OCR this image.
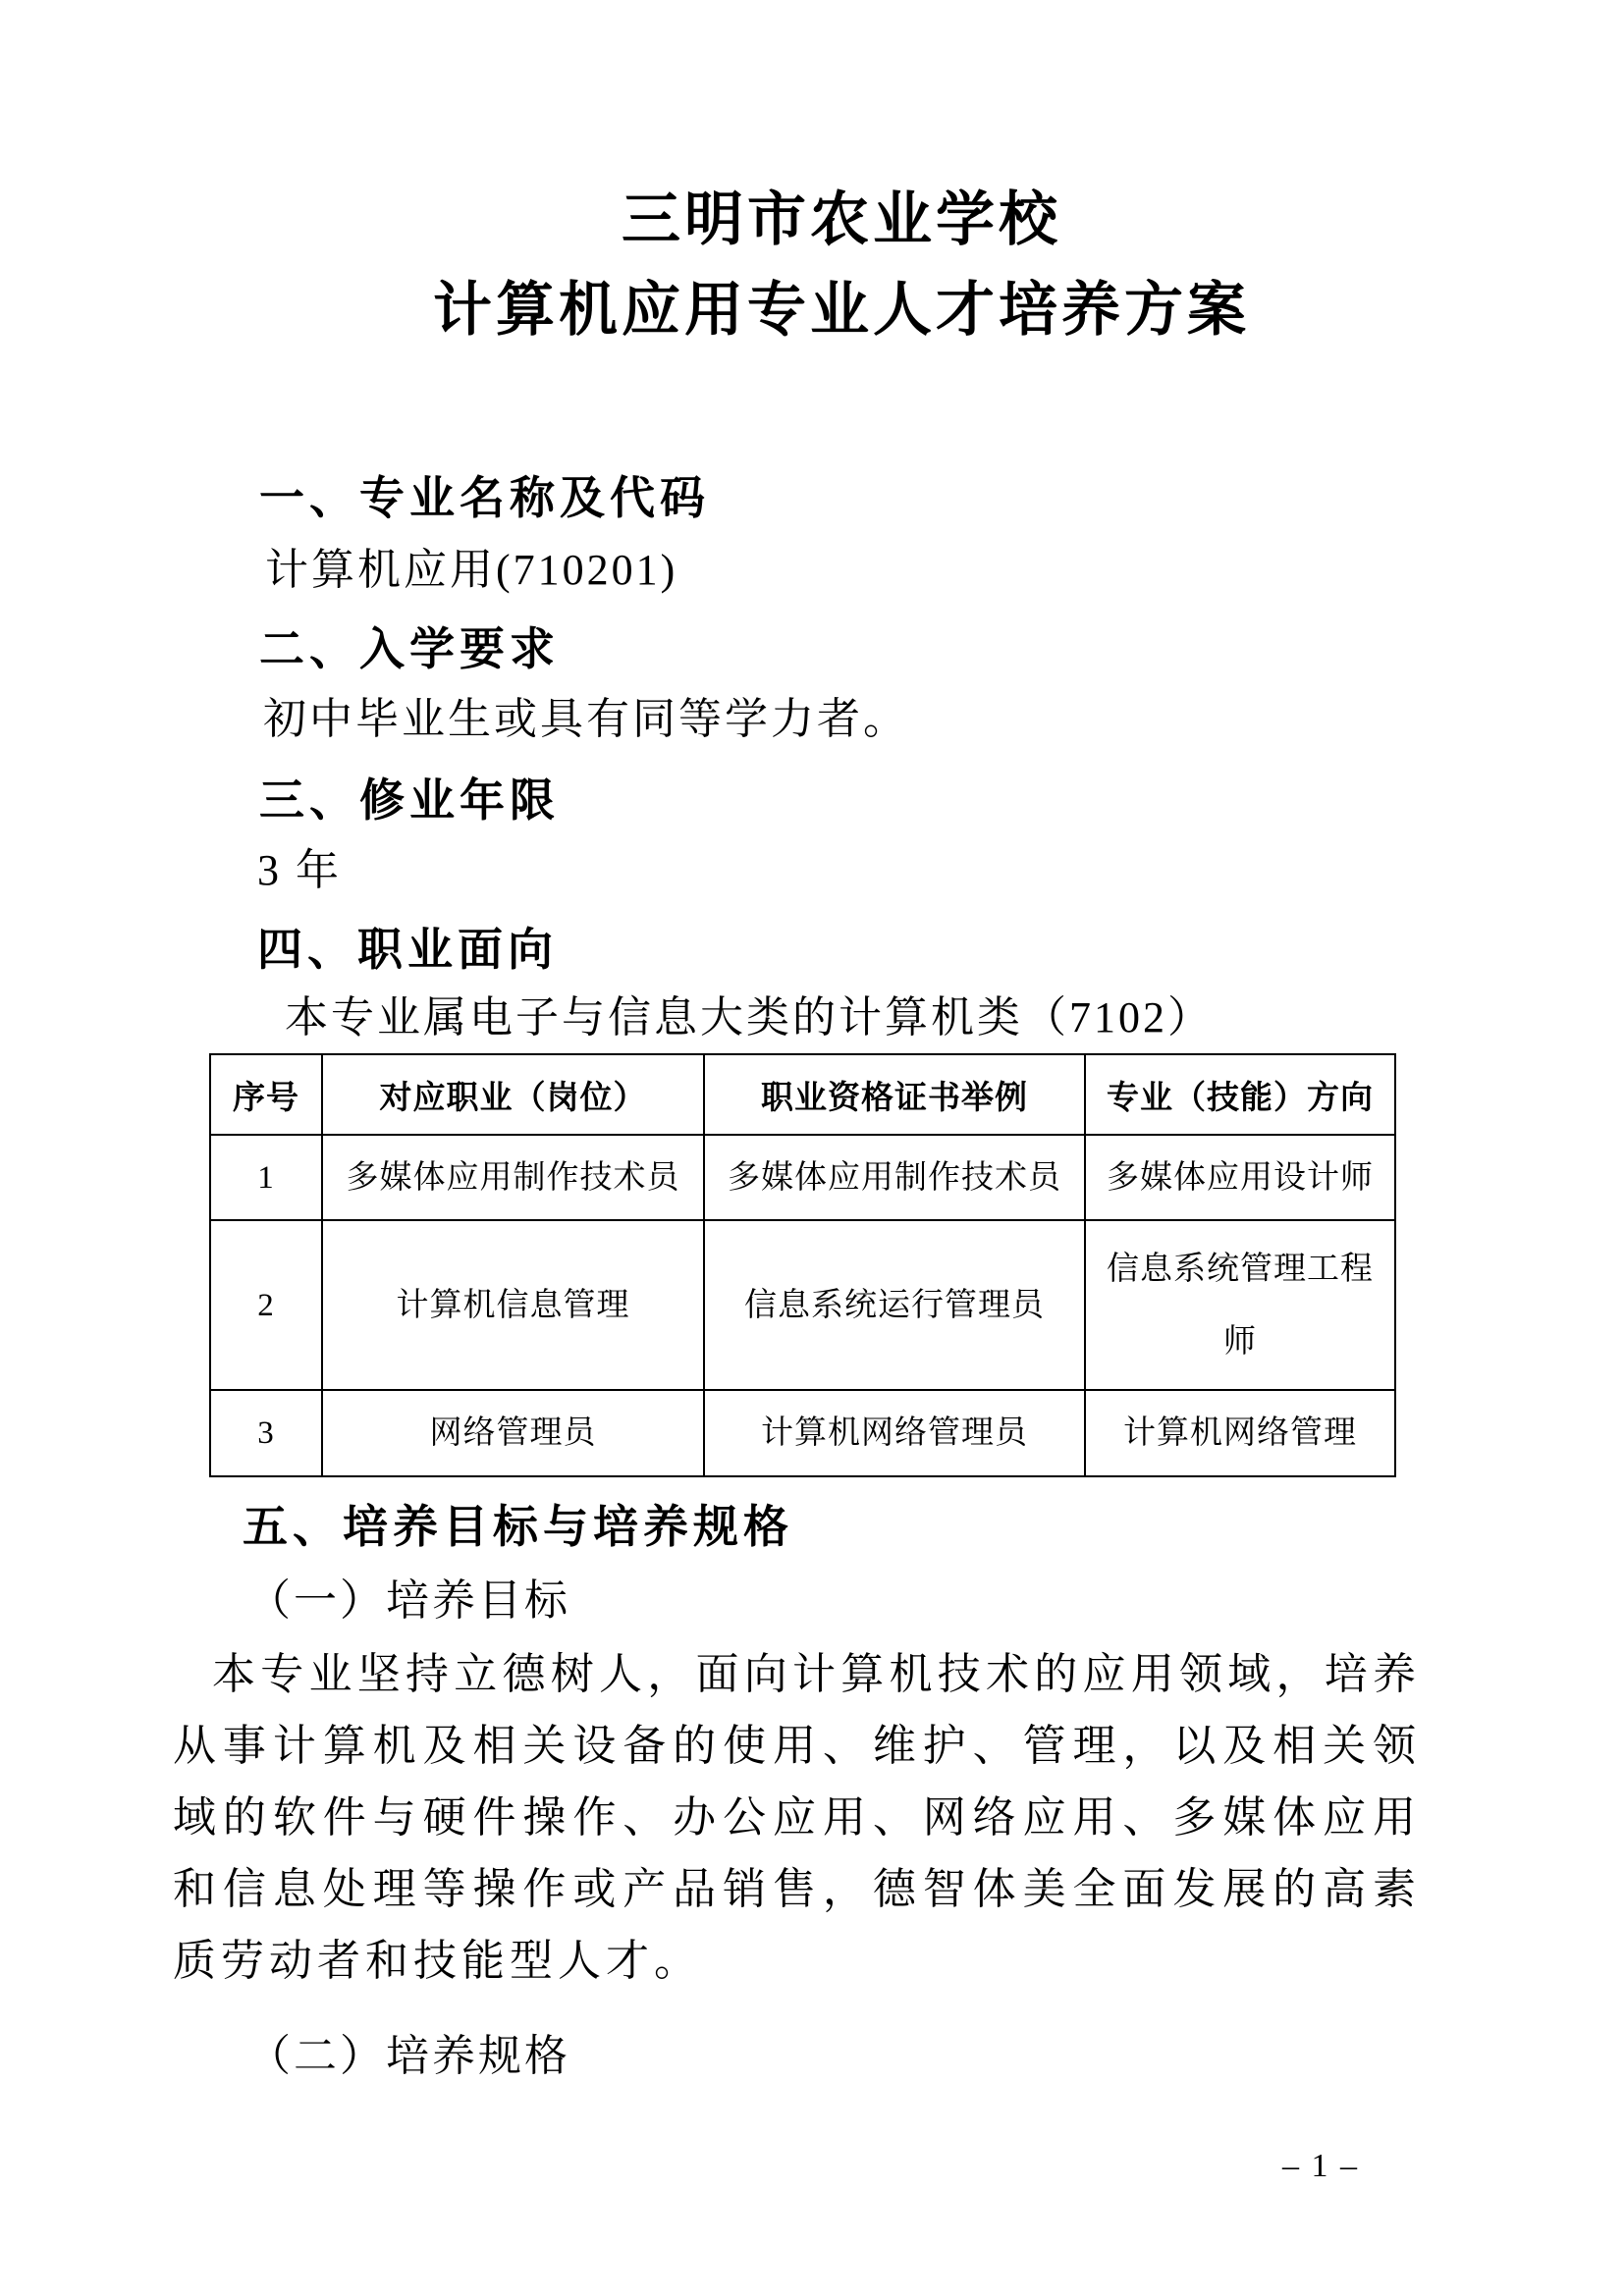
三明市农业学校
计算机应用专业人才培养方案
一、专业名称及代码
计算机应用(710201)
二、入学要求
初中毕业生或具有同等学力者。
三、修业年限
3 年
四、职业面向
本专业属电子与信息大类的计算机类（7102）
序号	对应职业（岗位）	职业资格证书举例	专业（技能）方向
1	多媒体应用制作技术员	多媒体应用制作技术员	多媒体应用设计师
2	计算机信息管理	信息系统运行管理员	信息系统管理工程师
3	网络管理员	计算机网络管理员	计算机网络管理
五、培养目标与培养规格
（一）培养目标
本专业坚持立德树人，面向计算机技术的应用领域，培养从事计算机及相关设备的使用、维护、管理，以及相关领域的软件与硬件操作、办公应用、网络应用、多媒体应用和信息处理等操作或产品销售，德智体美全面发展的高素质劳动者和技能型人才。
（二）培养规格
– 1 –
